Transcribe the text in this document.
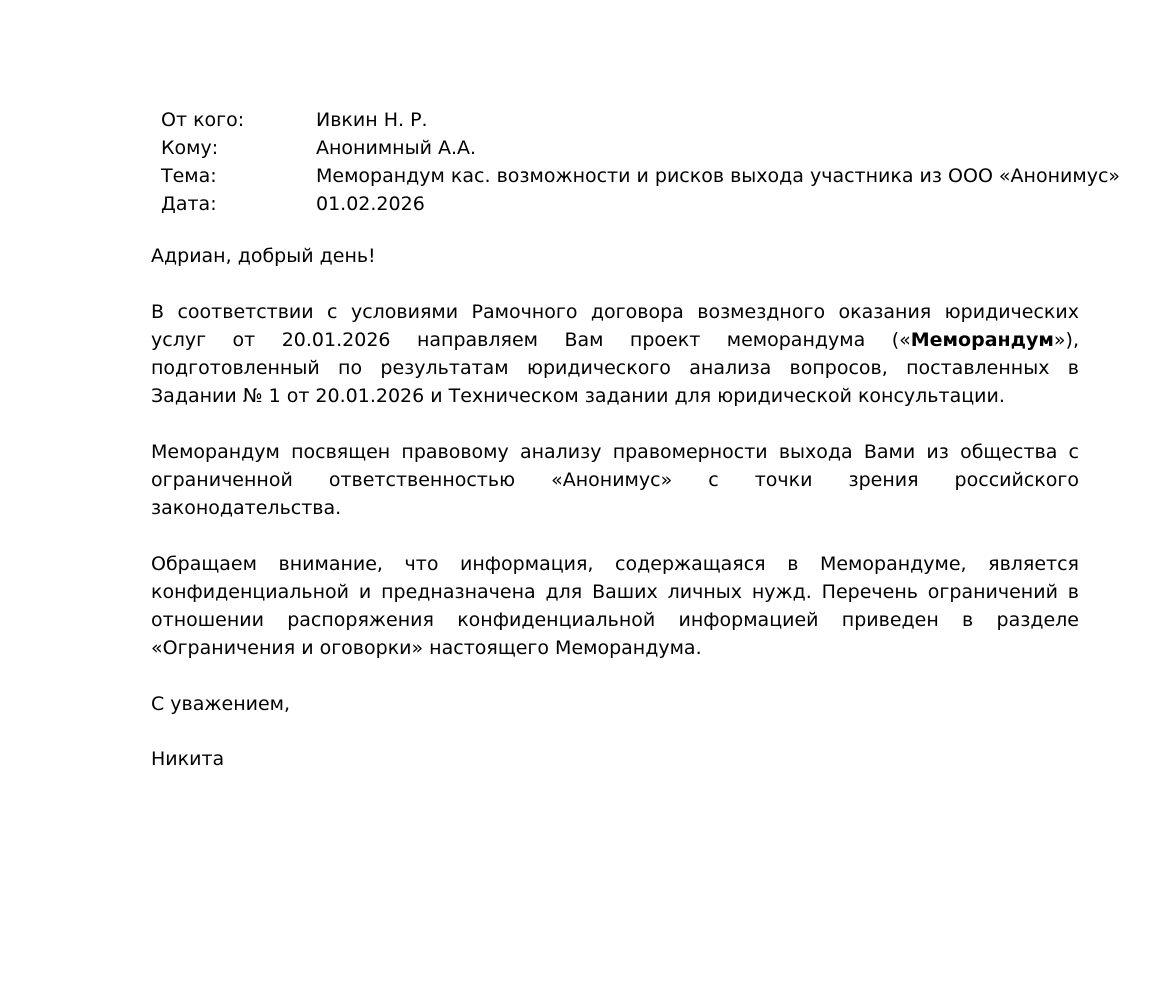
От кого:	Ивкин Н. Р.
Кому:	Анонимный А.А.
Тема:	Меморандум кас. возможности и рисков выхода участника из ООО «Анонимус»
Дата:	01.02.2026
Адриан, добрый день!
В соответствии с условиями Рамочного договора возмездного оказания юридических услуг от 20.01.2026 направляем Вам проект меморандума («Меморандум»), подготовленный по результатам юридического анализа вопросов, поставленных в Задании № 1 от 20.01.2026 и Техническом задании для юридической консультации.
Меморандум посвящен правовому анализу правомерности выхода Вами из общества с ограниченной ответственностью «Анонимус» с точки зрения российского законодательства.
Обращаем внимание, что информация, содержащаяся в Меморандуме, является конфиденциальной и предназначена для Ваших личных нужд. Перечень ограничений в отношении распоряжения конфиденциальной информацией приведен в разделе «Ограничения и оговорки» настоящего Меморандума.
С уважением,
Никита
